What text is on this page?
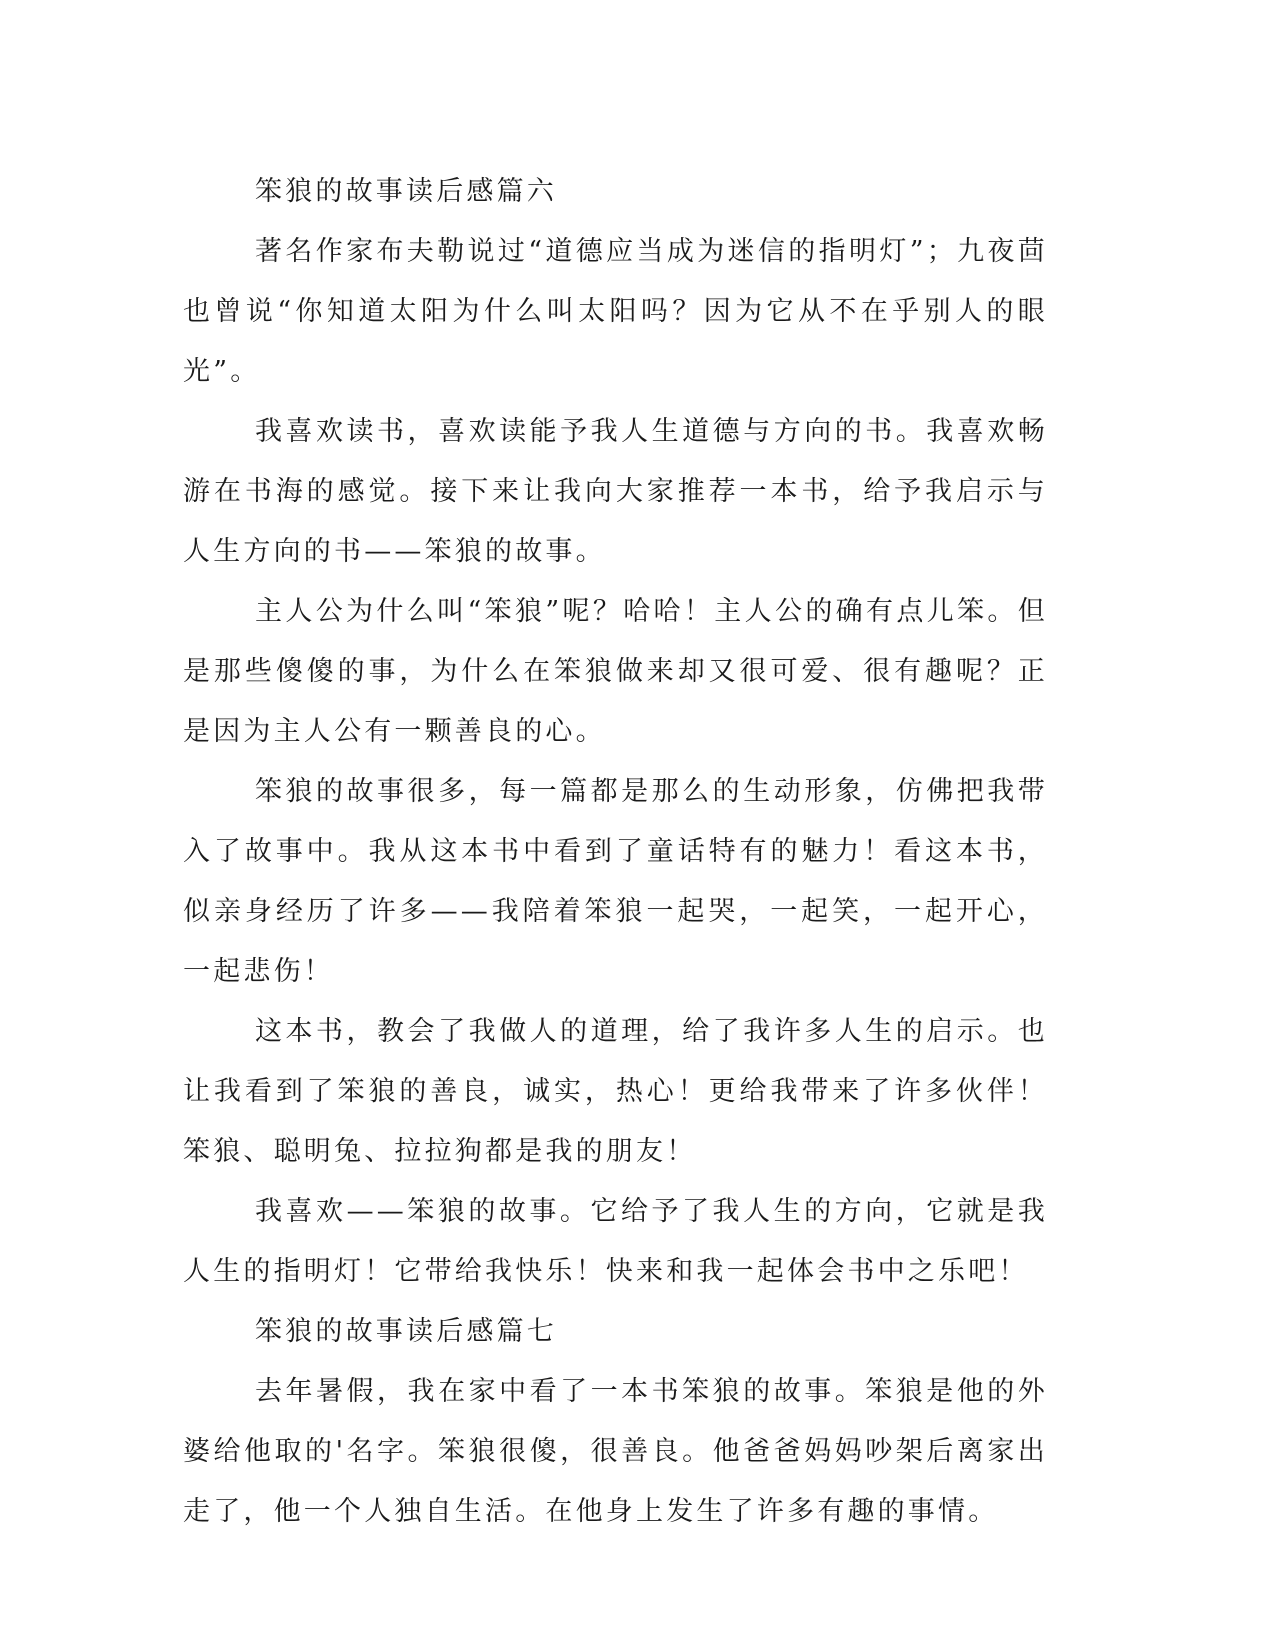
笨狼的故事读后感篇六

著名作家布夫勒说过“道德应当成为迷信的指明灯”；九夜茴也曾说“你知道太阳为什么叫太阳吗？因为它从不在乎别人的眼光”。

我喜欢读书，喜欢读能予我人生道德与方向的书。我喜欢畅游在书海的感觉。接下来让我向大家推荐一本书，给予我启示与人生方向的书——笨狼的故事。

主人公为什么叫“笨狼”呢？哈哈！主人公的确有点儿笨。但是那些傻傻的事，为什么在笨狼做来却又很可爱、很有趣呢？正是因为主人公有一颗善良的心。

笨狼的故事很多，每一篇都是那么的生动形象，仿佛把我带入了故事中。我从这本书中看到了童话特有的魅力！看这本书，似亲身经历了许多——我陪着笨狼一起哭，一起笑，一起开心，一起悲伤！

这本书，教会了我做人的道理，给了我许多人生的启示。也让我看到了笨狼的善良，诚实，热心！更给我带来了许多伙伴！笨狼、聪明兔、拉拉狗都是我的朋友！

我喜欢——笨狼的故事。它给予了我人生的方向，它就是我人生的指明灯！它带给我快乐！快来和我一起体会书中之乐吧！

笨狼的故事读后感篇七

去年暑假，我在家中看了一本书笨狼的故事。笨狼是他的外婆给他取的'名字。笨狼很傻，很善良。他爸爸妈妈吵架后离家出走了，他一个人独自生活。在他身上发生了许多有趣的事情。
